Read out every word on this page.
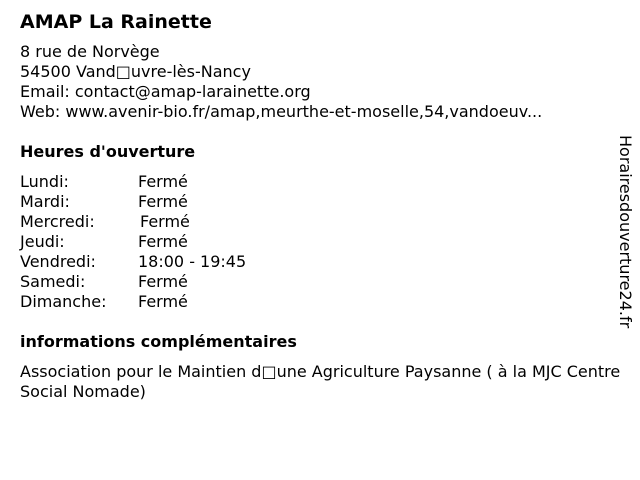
AMAP La Rainette
8 rue de Norvège
54500 Vand□uvre-lès-Nancy
Email: contact@amap-larainette.org
Web: www.avenir-bio.fr/amap,meurthe-et-moselle,54,vandoeuv...
Heures d'ouverture
Lundi:	Fermé
Mardi:	Fermé
Mercredi:	Fermé
Jeudi:	Fermé
Vendredi:	18:00 - 19:45
Samedi:	Fermé
Dimanche:	Fermé
informations complémentaires
Association pour le Maintien d□une Agriculture Paysanne ( à la MJC Centre Social Nomade)
Horairesdouverture24.fr
